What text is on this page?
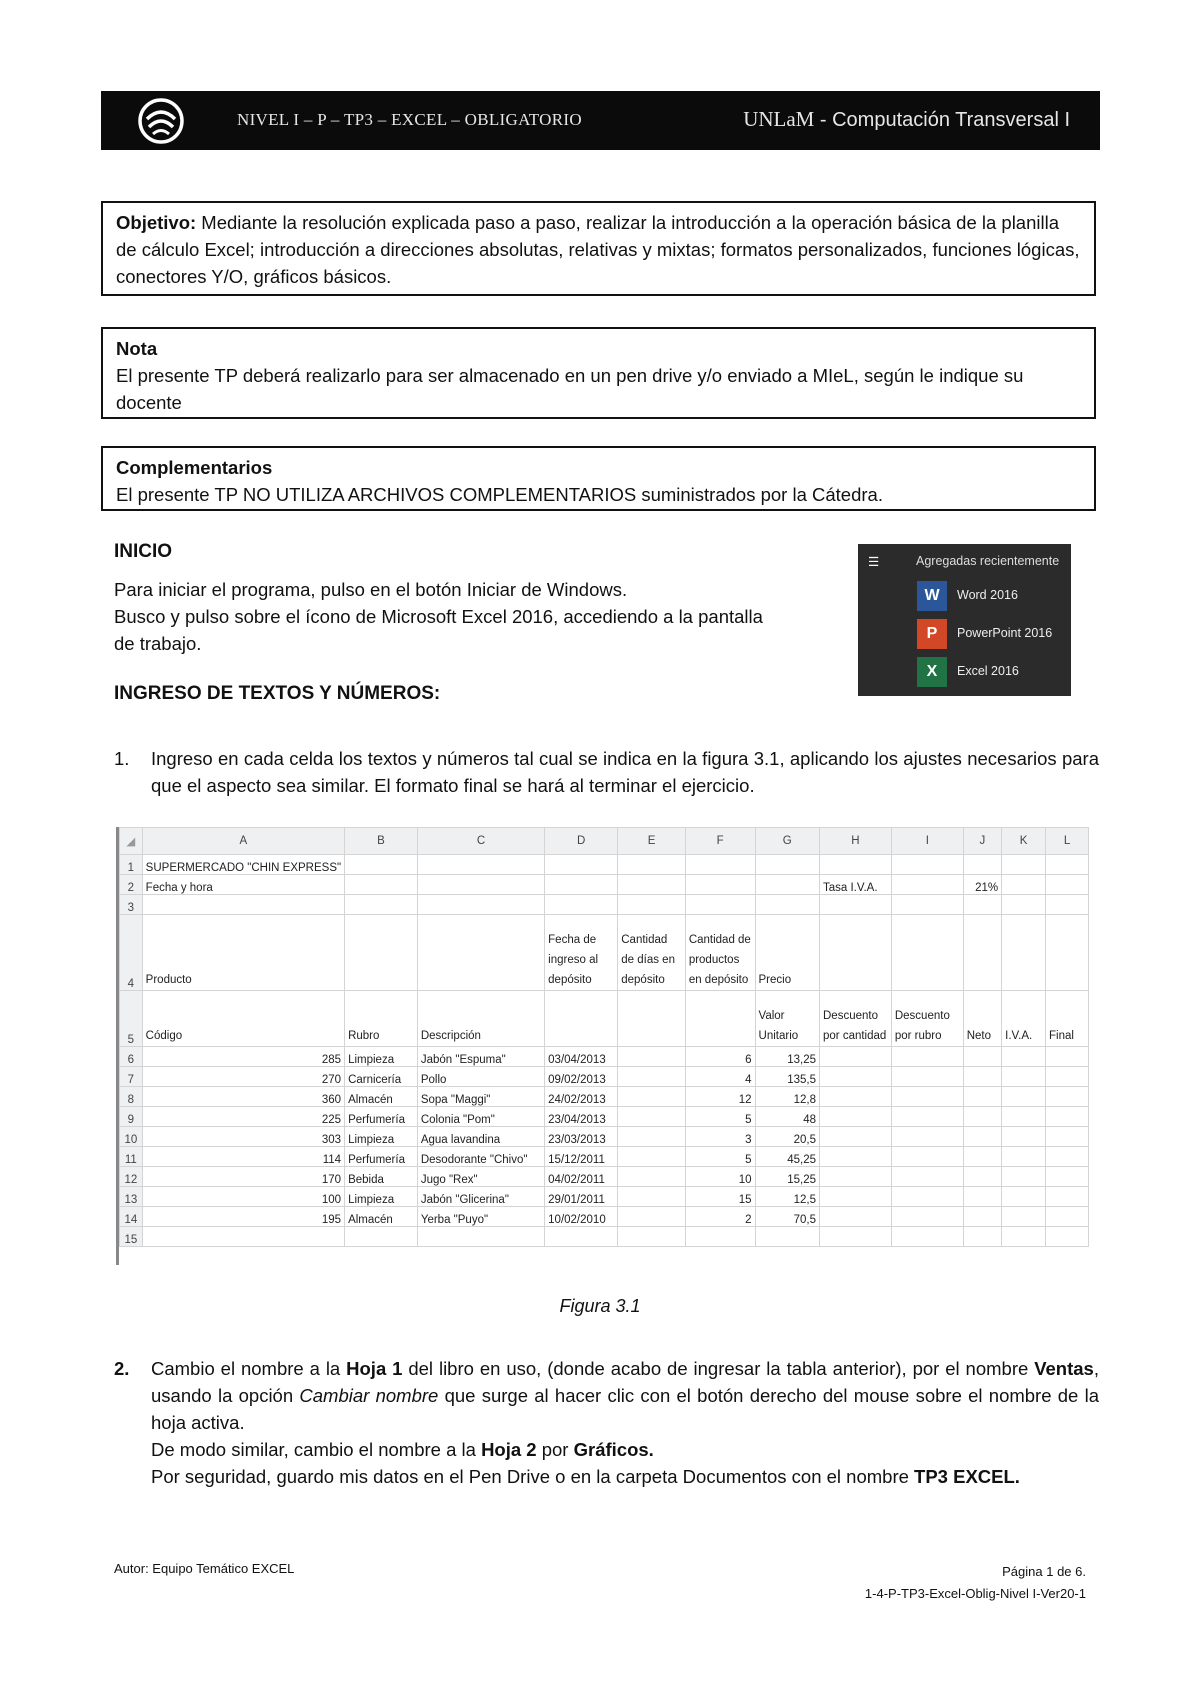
NIVEL I – P – TP3 – EXCEL – OBLIGATORIO	UNLaM - Computación Transversal I
Objetivo: Mediante la resolución explicada paso a paso, realizar la introducción a la operación básica de la planilla de cálculo Excel; introducción a direcciones absolutas, relativas y mixtas; formatos personalizados, funciones lógicas, conectores Y/O, gráficos básicos.
Nota
El presente TP deberá realizarlo para ser almacenado en un pen drive y/o enviado a MIeL, según le indique su docente
Complementarios
El presente TP NO UTILIZA ARCHIVOS COMPLEMENTARIOS suministrados por la Cátedra.
INICIO
Para iniciar el programa, pulso en el botón Iniciar de Windows.
Busco y pulso sobre el ícono de Microsoft Excel 2016, accediendo a la pantalla
de trabajo.
☰	Agregadas recientemente
W	Word 2016
P	PowerPoint 2016
X	Excel 2016
INGRESO DE TEXTOS Y NÚMEROS:
1. Ingreso en cada celda los textos y números tal cual se indica en la figura 3.1, aplicando los ajustes necesarios para que el aspecto sea similar. El formato final se hará al terminar el ejercicio.
◢	A	B	C	D	E	F	G	H	I	J	K	L
1	SUPERMERCADO "CHIN EXPRESS"											
2	Fecha y hora							Tasa I.V.A.		21%		
3												
4	Producto			Fecha de ingreso al depósito	Cantidad de días en depósito	Cantidad de productos en depósito	Precio					
5	Código	Rubro	Descripción				Valor Unitario	Descuento por cantidad	Descuento por rubro	Neto	I.V.A.	Final
6	285	Limpieza	Jabón "Espuma"	03/04/2013		6	13,25					
7	270	Carnicería	Pollo	09/02/2013		4	135,5					
8	360	Almacén	Sopa "Maggi"	24/02/2013		12	12,8					
9	225	Perfumería	Colonia "Pom"	23/04/2013		5	48					
10	303	Limpieza	Agua lavandina	23/03/2013		3	20,5					
11	114	Perfumería	Desodorante "Chivo"	15/12/2011		5	45,25					
12	170	Bebida	Jugo "Rex"	04/02/2011		10	15,25					
13	100	Limpieza	Jabón "Glicerina"	29/01/2011		15	12,5					
14	195	Almacén	Yerba "Puyo"	10/02/2010		2	70,5					
15												
Figura 3.1
2. Cambio el nombre a la Hoja 1 del libro en uso, (donde acabo de ingresar la tabla anterior), por el nombre Ventas, usando la opción Cambiar nombre que surge al hacer clic con el botón derecho del mouse sobre el nombre de la hoja activa.

De modo similar, cambio el nombre a la Hoja 2 por Gráficos.

Por seguridad, guardo mis datos en el Pen Drive o en la carpeta Documentos con el nombre TP3 EXCEL.

Autor: Equipo Temático EXCEL	Página 1 de 6.
1-4-P-TP3-Excel-Oblig-Nivel I-Ver20-1
